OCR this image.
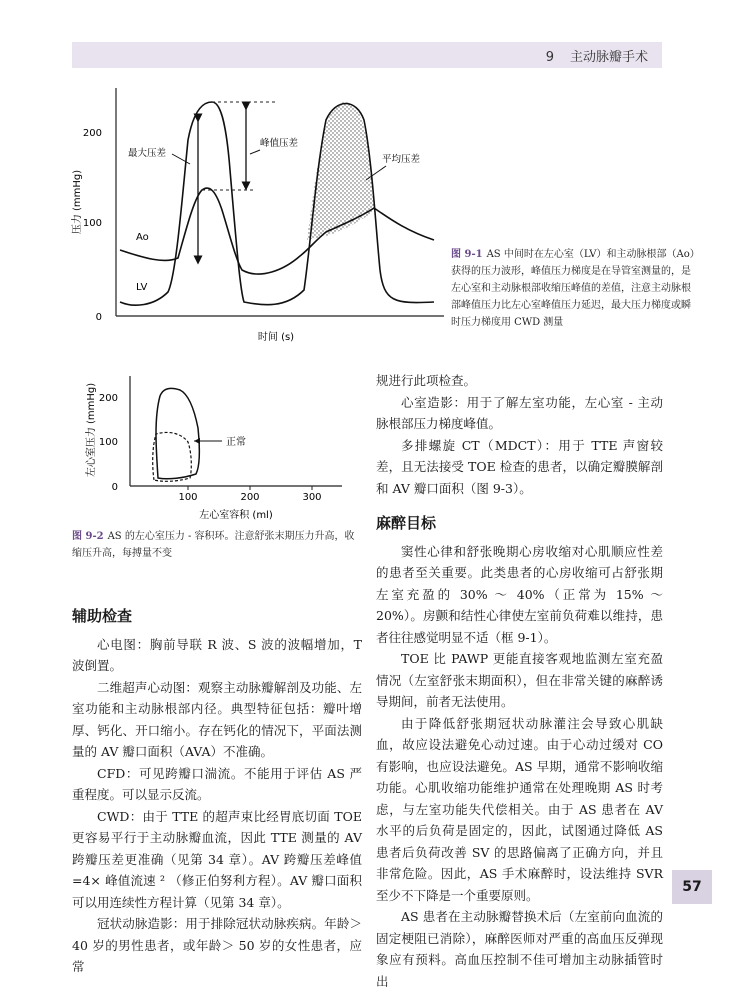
9 主动脉瓣手术
时间 (s)
压力 (mmHg)
200
100
0
最大压差
峰值压差
平均压差
Ao
LV
图 9-1 AS 中间时在左心室（LV）和主动脉根部（Ao）获得的压力波形，峰值压力梯度是在导管室测量的，是左心室和主动脉根部收缩压峰值的差值，注意主动脉根部峰值压力比左心室峰值压力延迟，最大压力梯度或瞬时压力梯度用 CWD 测量
200
100
0
100	200	300
左心室容积 (ml)
左心室压力 (mmHg)	正常
图 9-2 AS 的左心室压力 - 容积环。注意舒张末期压力升高，收缩压升高，每搏量不变
辅助检查

心电图：胸前导联 R 波、S 波的波幅增加，T 波倒置。

二维超声心动图：观察主动脉瓣解剖及功能、左室功能和主动脉根部内径。典型特征包括：瓣叶增厚、钙化、开口缩小。存在钙化的情况下，平面法测量的 AV 瓣口面积（AVA）不准确。

CFD：可见跨瓣口湍流。不能用于评估 AS 严重程度。可以显示反流。

CWD：由于 TTE 的超声束比经胃底切面 TOE 更容易平行于主动脉瓣血流，因此 TTE 测量的 AV 跨瓣压差更准确（见第 34 章）。AV 跨瓣压差峰值 =4× 峰值流速 ² （修正伯努利方程）。AV 瓣口面积可以用连续性方程计算（见第 34 章）。

冠状动脉造影：用于排除冠状动脉疾病。年龄＞ 40 岁的男性患者，或年龄＞ 50 岁的女性患者，应常

规进行此项检查。

心室造影：用于了解左室功能，左心室 - 主动脉根部压力梯度峰值。

多排螺旋 CT（MDCT）：用于 TTE 声窗较差，且无法接受 TOE 检查的患者，以确定瓣膜解剖和 AV 瓣口面积（图 9-3）。

麻醉目标

窦性心律和舒张晚期心房收缩对心肌顺应性差的患者至关重要。此类患者的心房收缩可占舒张期左室充盈的 30% ～ 40%（正常为 15% ～ 20%）。房颤和结性心律使左室前负荷难以维持，患者往往感觉明显不适（框 9-1）。

TOE 比 PAWP 更能直接客观地监测左室充盈情况（左室舒张末期面积），但在非常关键的麻醉诱导期间，前者无法使用。

由于降低舒张期冠状动脉灌注会导致心肌缺血，故应设法避免心动过速。由于心动过缓对 CO 有影响，也应设法避免。AS 早期，通常不影响收缩功能。心肌收缩功能维护通常在处理晚期 AS 时考虑，与左室功能失代偿相关。由于 AS 患者在 AV 水平的后负荷是固定的，因此，试图通过降低 AS 患者后负荷改善 SV 的思路偏离了正确方向，并且非常危险。因此，AS 手术麻醉时，设法维持 SVR 至少不下降是一个重要原则。

AS 患者在主动脉瓣替换术后（左室前向血流的固定梗阻已消除），麻醉医师对严重的高血压反弹现象应有预料。高血压控制不佳可增加主动脉插管时出

57
